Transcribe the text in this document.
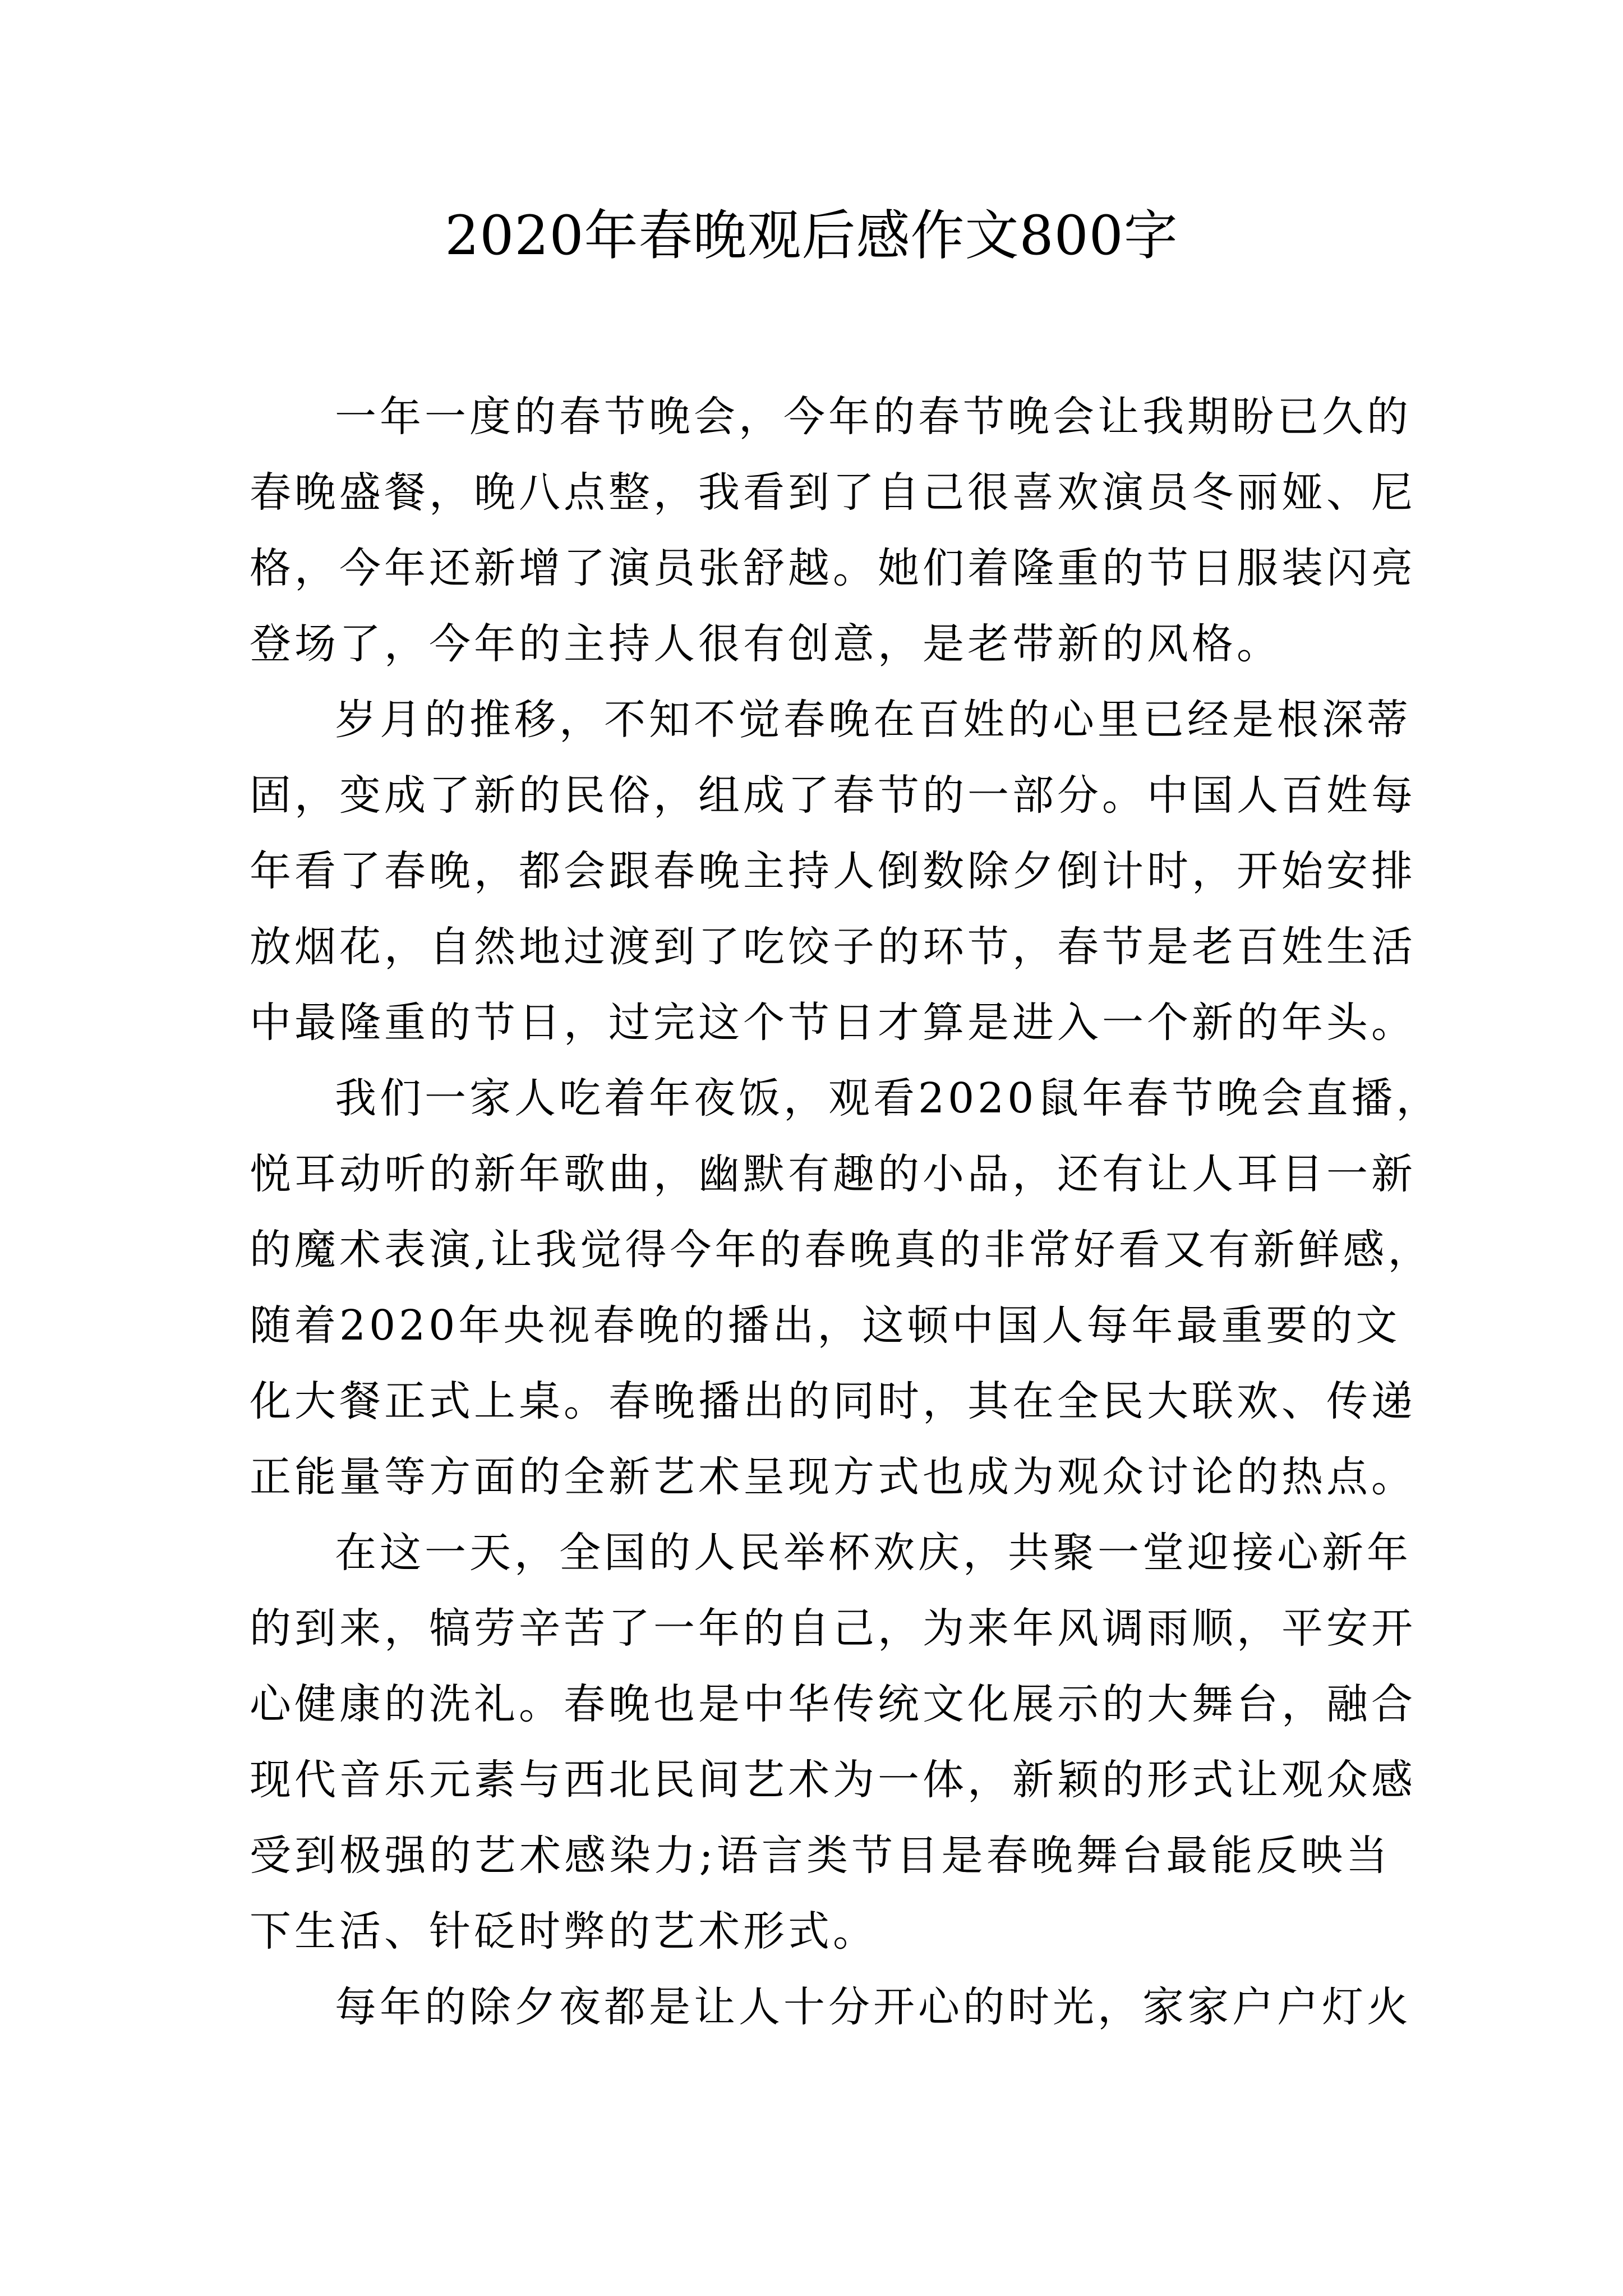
2020年春晚观后感作文800字
一年一度的春节晚会，今年的春节晚会让我期盼已久的
春晚盛餐，晚八点整，我看到了自己很喜欢演员冬丽娅、尼
格，今年还新增了演员张舒越。她们着隆重的节日服装闪亮
登场了，今年的主持人很有创意，是老带新的风格。
岁月的推移，不知不觉春晚在百姓的心里已经是根深蒂
固，变成了新的民俗，组成了春节的一部分。中国人百姓每
年看了春晚，都会跟春晚主持人倒数除夕倒计时，开始安排
放烟花，自然地过渡到了吃饺子的环节，春节是老百姓生活
中最隆重的节日，过完这个节日才算是进入一个新的年头。
我们一家人吃着年夜饭，观看2020鼠年春节晚会直播，
悦耳动听的新年歌曲，幽默有趣的小品，还有让人耳目一新
的魔术表演,让我觉得今年的春晚真的非常好看又有新鲜感，
随着2020年央视春晚的播出，这顿中国人每年最重要的文
化大餐正式上桌。春晚播出的同时，其在全民大联欢、传递
正能量等方面的全新艺术呈现方式也成为观众讨论的热点。
在这一天，全国的人民举杯欢庆，共聚一堂迎接心新年
的到来，犒劳辛苦了一年的自己，为来年风调雨顺，平安开
心健康的洗礼。春晚也是中华传统文化展示的大舞台，融合
现代音乐元素与西北民间艺术为一体，新颖的形式让观众感
受到极强的艺术感染力;语言类节目是春晚舞台最能反映当
下生活、针砭时弊的艺术形式。
每年的除夕夜都是让人十分开心的时光，家家户户灯火
